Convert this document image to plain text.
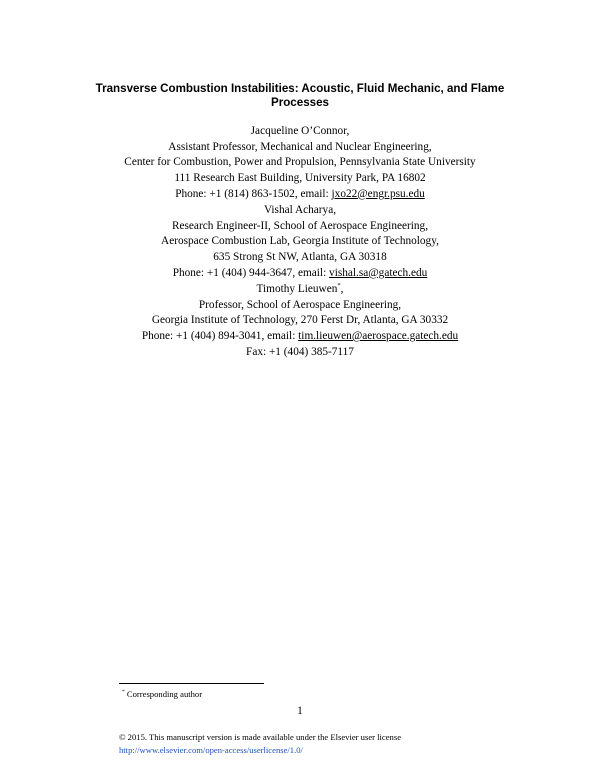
Transverse Combustion Instabilities: Acoustic, Fluid Mechanic, and Flame
Processes
Jacqueline O’Connor,
Assistant Professor, Mechanical and Nuclear Engineering,
Center for Combustion, Power and Propulsion, Pennsylvania State University
111 Research East Building, University Park, PA 16802
Phone: +1 (814) 863-1502, email: jxo22@engr.psu.edu
Vishal Acharya,
Research Engineer-II, School of Aerospace Engineering,
Aerospace Combustion Lab, Georgia Institute of Technology,
635 Strong St NW, Atlanta, GA 30318
Phone: +1 (404) 944-3647, email: vishal.sa@gatech.edu
Timothy Lieuwen*,
Professor, School of Aerospace Engineering,
Georgia Institute of Technology, 270 Ferst Dr, Atlanta, GA 30332
Phone: +1 (404) 894-3041, email: tim.lieuwen@aerospace.gatech.edu
Fax: +1 (404) 385-7117
* Corresponding author
1
© 2015. This manuscript version is made available under the Elsevier user license
http://www.elsevier.com/open-access/userlicense/1.0/
